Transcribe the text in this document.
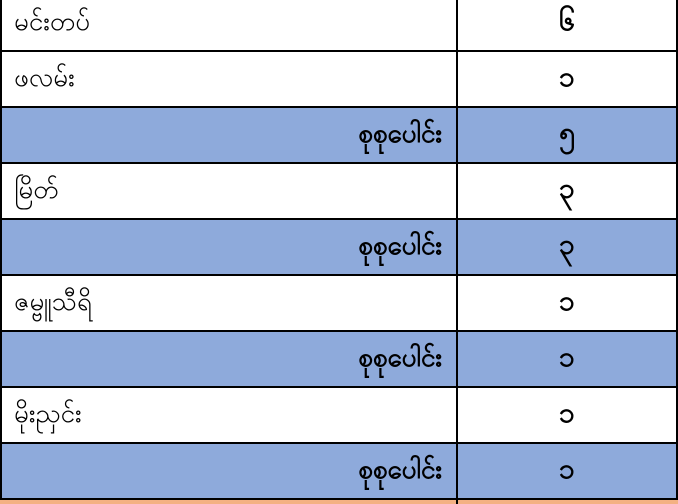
မင်းတပ်	၆
ဖလမ်း	၁
စုစုပေါင်း	၅
မြိတ်	၃
စုစုပေါင်း	၃
ဇမ္ဗူသီရိ	၁
စုစုပေါင်း	၁
မိုးညှင်း	၁
စုစုပေါင်း	၁
